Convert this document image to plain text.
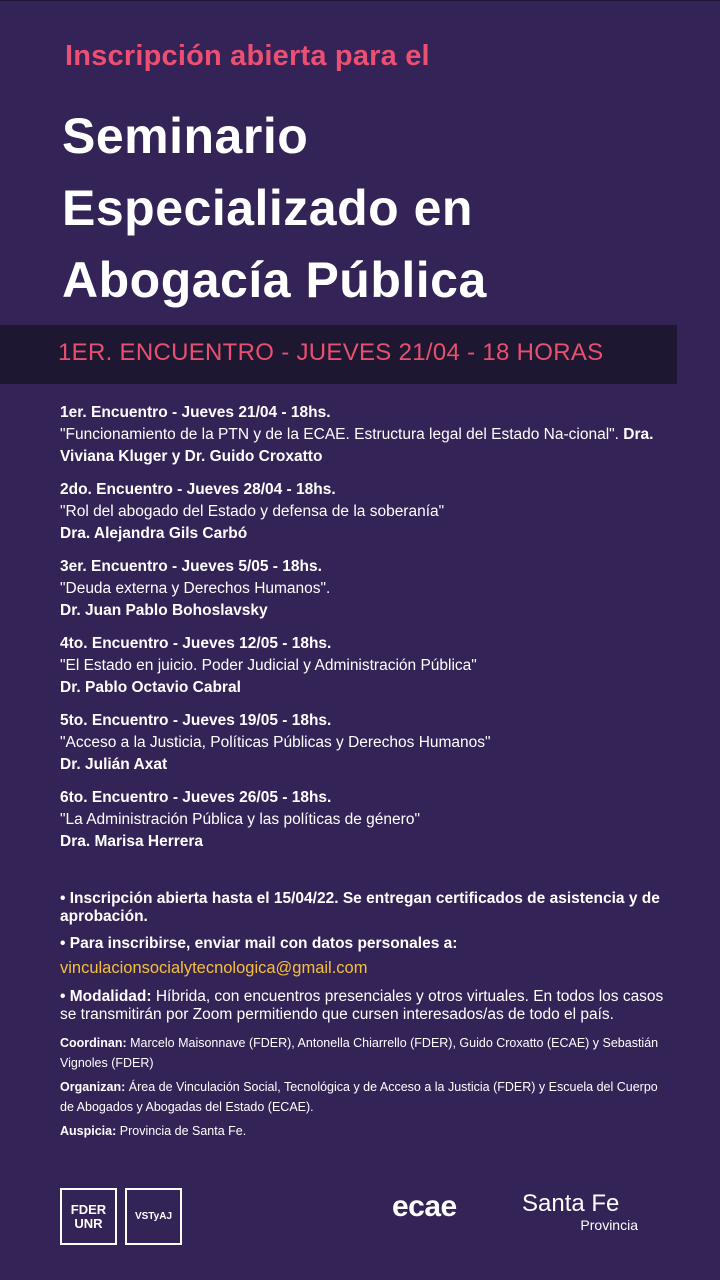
Inscripción abierta para el
Seminario
Especializado en
Abogacía Pública
1ER. ENCUENTRO - JUEVES 21/04 - 18 HORAS
1er. Encuentro - Jueves 21/04 - 18hs.
"Funcionamiento de la PTN y de la ECAE. Estructura legal del Estado Na-cional". Dra. Viviana Kluger y Dr. Guido Croxatto
2do. Encuentro - Jueves 28/04 - 18hs.
"Rol del abogado del Estado y defensa de la soberanía"
Dra. Alejandra Gils Carbó
3er. Encuentro - Jueves 5/05 - 18hs.
"Deuda externa y Derechos Humanos".
Dr. Juan Pablo Bohoslavsky
4to. Encuentro - Jueves 12/05 - 18hs.
"El Estado en juicio. Poder Judicial y Administración Pública"
Dr. Pablo Octavio Cabral
5to. Encuentro - Jueves 19/05 - 18hs.
"Acceso a la Justicia, Políticas Públicas y Derechos Humanos"
Dr. Julián Axat
6to. Encuentro - Jueves 26/05 - 18hs.
"La Administración Pública y las políticas de género"
Dra. Marisa Herrera

• Inscripción abierta hasta el 15/04/22. Se entregan certificados de asistencia y de aprobación.

• Para inscribirse, enviar mail con datos personales a:
vinculacionsocialytecnologica@gmail.com

• Modalidad: Híbrida, con encuentros presenciales y otros virtuales. En todos los casos se transmitirán por Zoom permitiendo que cursen interesados/as de todo el país.

Coordinan: Marcelo Maisonnave (FDER), Antonella Chiarrello (FDER), Guido Croxatto (ECAE) y Sebastián Vignoles (FDER)

Organizan: Área de Vinculación Social, Tecnológica y de Acceso a la Justicia (FDER) y Escuela del Cuerpo de Abogados y Abogadas del Estado (ECAE).

Auspicia: Provincia de Santa Fe.

FDER
UNR	VSTyAJ	ecae	Santa Fe
Provincia
